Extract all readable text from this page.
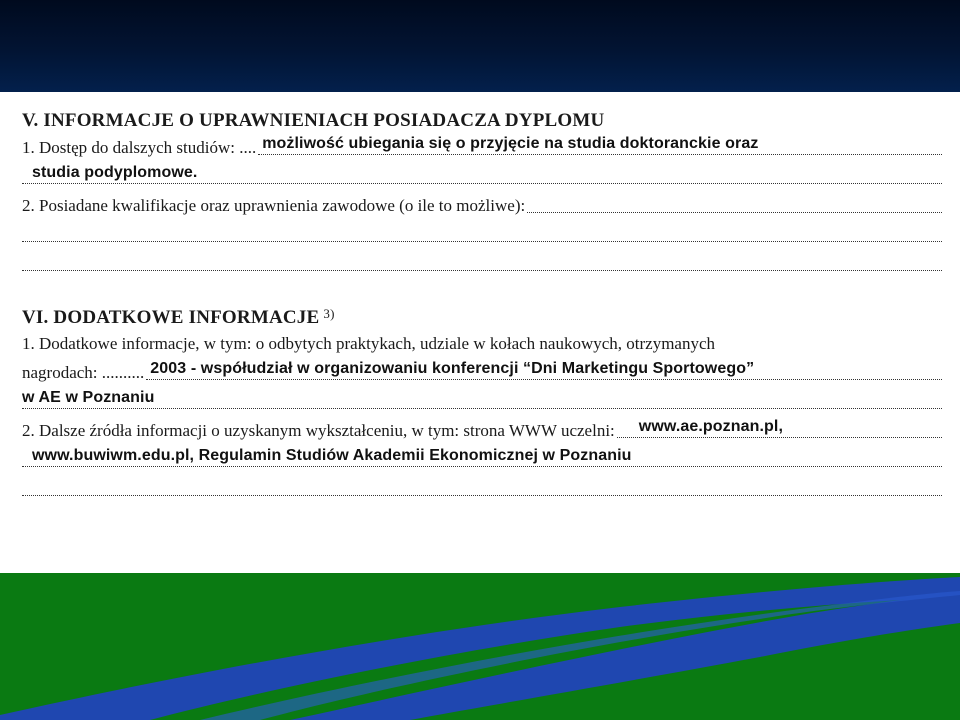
V. INFORMACJE O UPRAWNIENIACH POSIADACZA DYPLOMU
1. Dostęp do dalszych studiów: .... możliwość ubiegania się o przyjęcie na studia doktoranckie oraz
studia podyplomowe.
2. Posiadane kwalifikacje oraz uprawnienia zawodowe (o ile to możliwe):
VI. DODATKOWE INFORMACJE $^{3)}$
1. Dodatkowe informacje, w tym: o odbytych praktykach, udziale w kołach naukowych, otrzymanych
nagrodach: .......... 2003 - współudział w organizowaniu konferencji “Dni Marketingu Sportowego”
w AE w Poznaniu
2. Dalsze źródła informacji o uzyskanym wykształceniu, w tym: strona WWW uczelni: www.ae.poznan.pl,
www.buwiwm.edu.pl, Regulamin Studiów Akademii Ekonomicznej w Poznaniu
